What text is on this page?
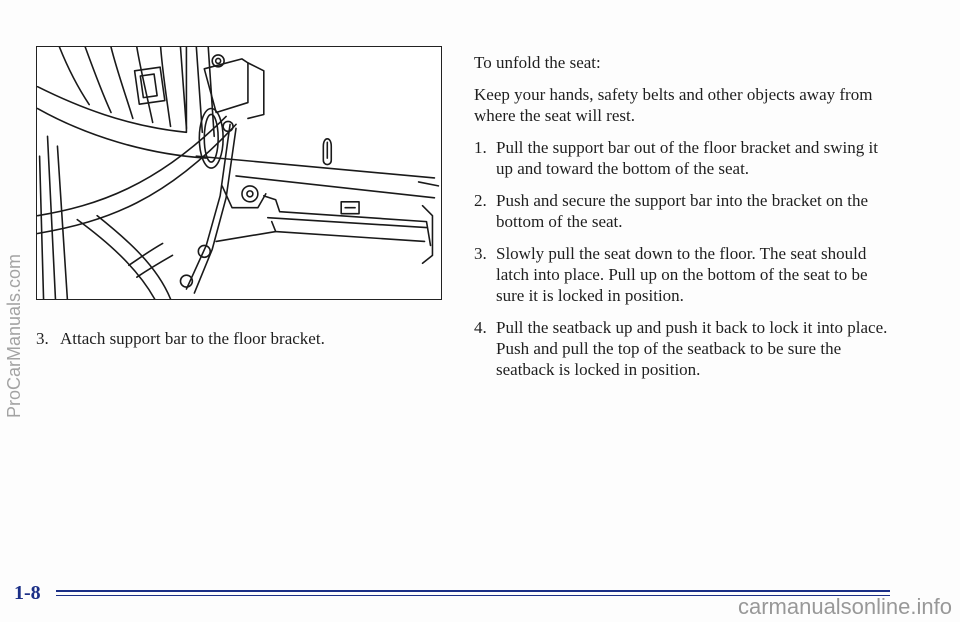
3. Attach support bar to the floor bracket.

To unfold the seat:

Keep your hands, safety belts and other objects away from where the seat will rest.

1. Pull the support bar out of the floor bracket and swing it up and toward the bottom of the seat.
2. Push and secure the support bar into the bracket on the bottom of the seat.
3. Slowly pull the seat down to the floor. The seat should latch into place. Pull up on the bottom of the seat to be sure it is locked in position.
4. Pull the seatback up and push it back to lock it into place. Push and pull the top of the seatback to be sure the seatback is locked in position.
1-8
ProCarManuals.com
carmanualsonline.info
